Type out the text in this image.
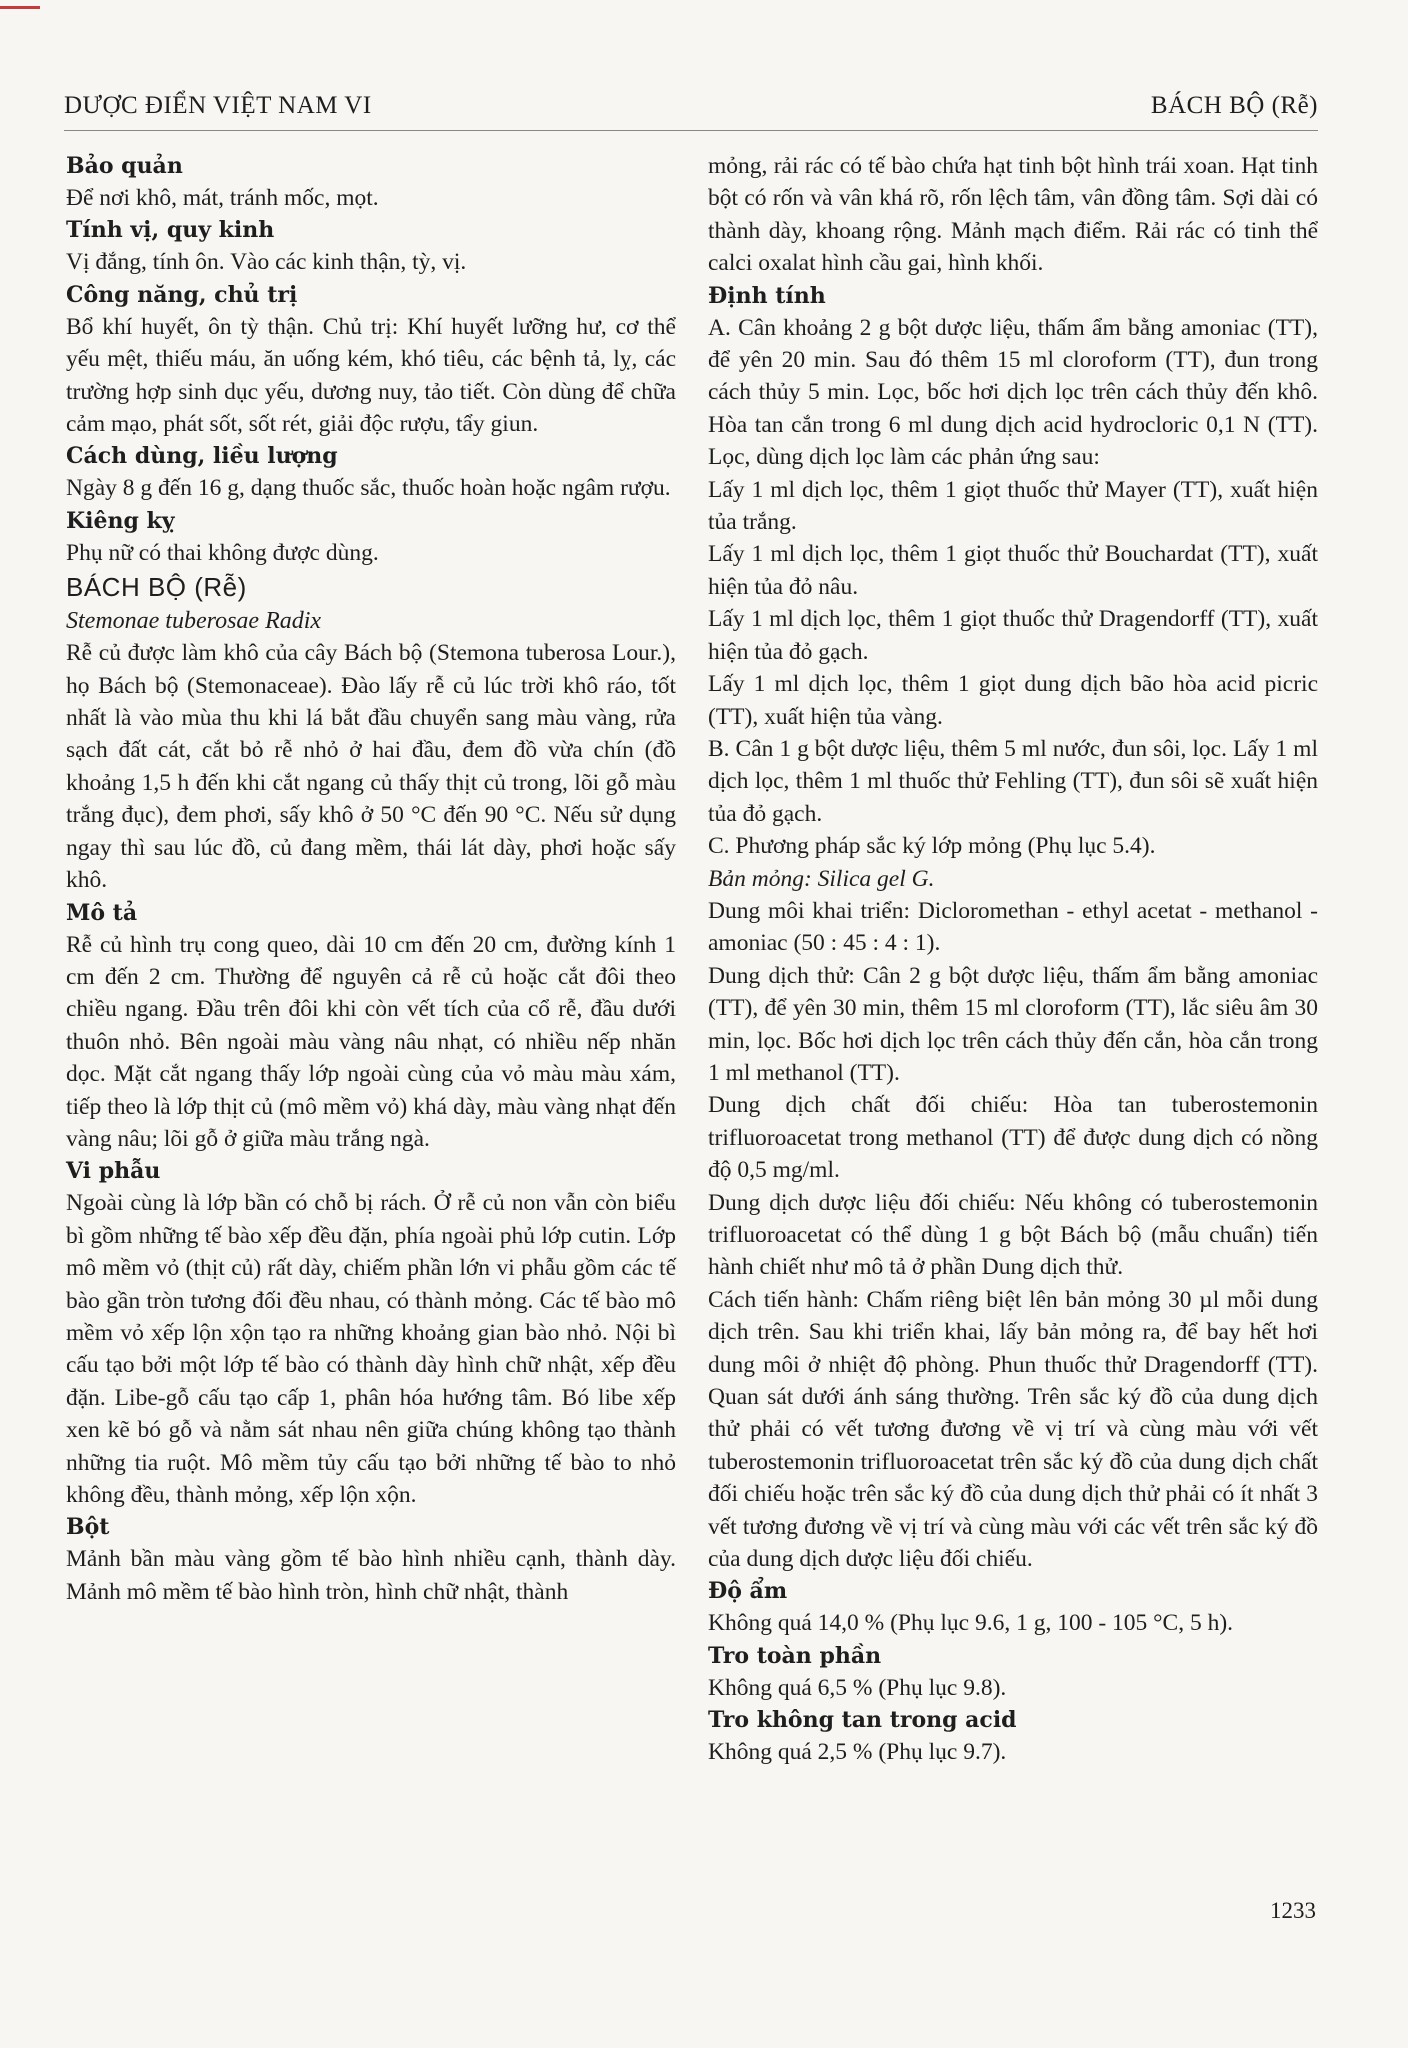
DƯỢC ĐIỂN VIỆT NAM VI	BÁCH BỘ (Rễ)

Bảo quản

Để nơi khô, mát, tránh mốc, mọt.

Tính vị, quy kinh

Vị đắng, tính ôn. Vào các kinh thận, tỳ, vị.

Công năng, chủ trị

Bổ khí huyết, ôn tỳ thận. Chủ trị: Khí huyết lưỡng hư, cơ thể yếu mệt, thiếu máu, ăn uống kém, khó tiêu, các bệnh tả, lỵ, các trường hợp sinh dục yếu, dương nuy, tảo tiết. Còn dùng để chữa cảm mạo, phát sốt, sốt rét, giải độc rượu, tẩy giun.

Cách dùng, liều lượng

Ngày 8 g đến 16 g, dạng thuốc sắc, thuốc hoàn hoặc ngâm rượu.

Kiêng kỵ

Phụ nữ có thai không được dùng.

BÁCH BỘ (Rễ)

Stemonae tuberosae Radix

Rễ củ được làm khô của cây Bách bộ (Stemona tuberosa Lour.), họ Bách bộ (Stemonaceae). Đào lấy rễ củ lúc trời khô ráo, tốt nhất là vào mùa thu khi lá bắt đầu chuyển sang màu vàng, rửa sạch đất cát, cắt bỏ rễ nhỏ ở hai đầu, đem đồ vừa chín (đồ khoảng 1,5 h đến khi cắt ngang củ thấy thịt củ trong, lõi gỗ màu trắng đục), đem phơi, sấy khô ở 50 °C đến 90 °C. Nếu sử dụng ngay thì sau lúc đồ, củ đang mềm, thái lát dày, phơi hoặc sấy khô.

Mô tả

Rễ củ hình trụ cong queo, dài 10 cm đến 20 cm, đường kính 1 cm đến 2 cm. Thường để nguyên cả rễ củ hoặc cắt đôi theo chiều ngang. Đầu trên đôi khi còn vết tích của cổ rễ, đầu dưới thuôn nhỏ. Bên ngoài màu vàng nâu nhạt, có nhiều nếp nhăn dọc. Mặt cắt ngang thấy lớp ngoài cùng của vỏ màu màu xám, tiếp theo là lớp thịt củ (mô mềm vỏ) khá dày, màu vàng nhạt đến vàng nâu; lõi gỗ ở giữa màu trắng ngà.

Vi phẫu

Ngoài cùng là lớp bần có chỗ bị rách. Ở rễ củ non vẫn còn biểu bì gồm những tế bào xếp đều đặn, phía ngoài phủ lớp cutin. Lớp mô mềm vỏ (thịt củ) rất dày, chiếm phần lớn vi phẫu gồm các tế bào gần tròn tương đối đều nhau, có thành mỏng. Các tế bào mô mềm vỏ xếp lộn xộn tạo ra những khoảng gian bào nhỏ. Nội bì cấu tạo bởi một lớp tế bào có thành dày hình chữ nhật, xếp đều đặn. Libe-gỗ cấu tạo cấp 1, phân hóa hướng tâm. Bó libe xếp xen kẽ bó gỗ và nằm sát nhau nên giữa chúng không tạo thành những tia ruột. Mô mềm tủy cấu tạo bởi những tế bào to nhỏ không đều, thành mỏng, xếp lộn xộn.

Bột

Mảnh bần màu vàng gồm tế bào hình nhiều cạnh, thành dày. Mảnh mô mềm tế bào hình tròn, hình chữ nhật, thành

mỏng, rải rác có tế bào chứa hạt tinh bột hình trái xoan. Hạt tinh bột có rốn và vân khá rõ, rốn lệch tâm, vân đồng tâm. Sợi dài có thành dày, khoang rộng. Mảnh mạch điểm. Rải rác có tinh thể calci oxalat hình cầu gai, hình khối.

Định tính

A. Cân khoảng 2 g bột dược liệu, thấm ẩm bằng amoniac (TT), để yên 20 min. Sau đó thêm 15 ml cloroform (TT), đun trong cách thủy 5 min. Lọc, bốc hơi dịch lọc trên cách thủy đến khô. Hòa tan cắn trong 6 ml dung dịch acid hydrocloric 0,1 N (TT). Lọc, dùng dịch lọc làm các phản ứng sau:

Lấy 1 ml dịch lọc, thêm 1 giọt thuốc thử Mayer (TT), xuất hiện tủa trắng.

Lấy 1 ml dịch lọc, thêm 1 giọt thuốc thử Bouchardat (TT), xuất hiện tủa đỏ nâu.

Lấy 1 ml dịch lọc, thêm 1 giọt thuốc thử Dragendorff (TT), xuất hiện tủa đỏ gạch.

Lấy 1 ml dịch lọc, thêm 1 giọt dung dịch bão hòa acid picric (TT), xuất hiện tủa vàng.

B. Cân 1 g bột dược liệu, thêm 5 ml nước, đun sôi, lọc. Lấy 1 ml dịch lọc, thêm 1 ml thuốc thử Fehling (TT), đun sôi sẽ xuất hiện tủa đỏ gạch.

C. Phương pháp sắc ký lớp mỏng (Phụ lục 5.4).

Bản mỏng: Silica gel G.

Dung môi khai triển: Dicloromethan - ethyl acetat - methanol - amoniac (50 : 45 : 4 : 1).

Dung dịch thử: Cân 2 g bột dược liệu, thấm ẩm bằng amoniac (TT), để yên 30 min, thêm 15 ml cloroform (TT), lắc siêu âm 30 min, lọc. Bốc hơi dịch lọc trên cách thủy đến cắn, hòa cắn trong 1 ml methanol (TT).

Dung dịch chất đối chiếu: Hòa tan tuberostemonin trifluoroacetat trong methanol (TT) để được dung dịch có nồng độ 0,5 mg/ml.

Dung dịch dược liệu đối chiếu: Nếu không có tuberostemonin trifluoroacetat có thể dùng 1 g bột Bách bộ (mẫu chuẩn) tiến hành chiết như mô tả ở phần Dung dịch thử.

Cách tiến hành: Chấm riêng biệt lên bản mỏng 30 µl mỗi dung dịch trên. Sau khi triển khai, lấy bản mỏng ra, để bay hết hơi dung môi ở nhiệt độ phòng. Phun thuốc thử Dragendorff (TT). Quan sát dưới ánh sáng thường. Trên sắc ký đồ của dung dịch thử phải có vết tương đương về vị trí và cùng màu với vết tuberostemonin trifluoroacetat trên sắc ký đồ của dung dịch chất đối chiếu hoặc trên sắc ký đồ của dung dịch thử phải có ít nhất 3 vết tương đương về vị trí và cùng màu với các vết trên sắc ký đồ của dung dịch dược liệu đối chiếu.

Độ ẩm

Không quá 14,0 % (Phụ lục 9.6, 1 g, 100 - 105 °C, 5 h).

Tro toàn phần

Không quá 6,5 % (Phụ lục 9.8).

Tro không tan trong acid

Không quá 2,5 % (Phụ lục 9.7).

1233
